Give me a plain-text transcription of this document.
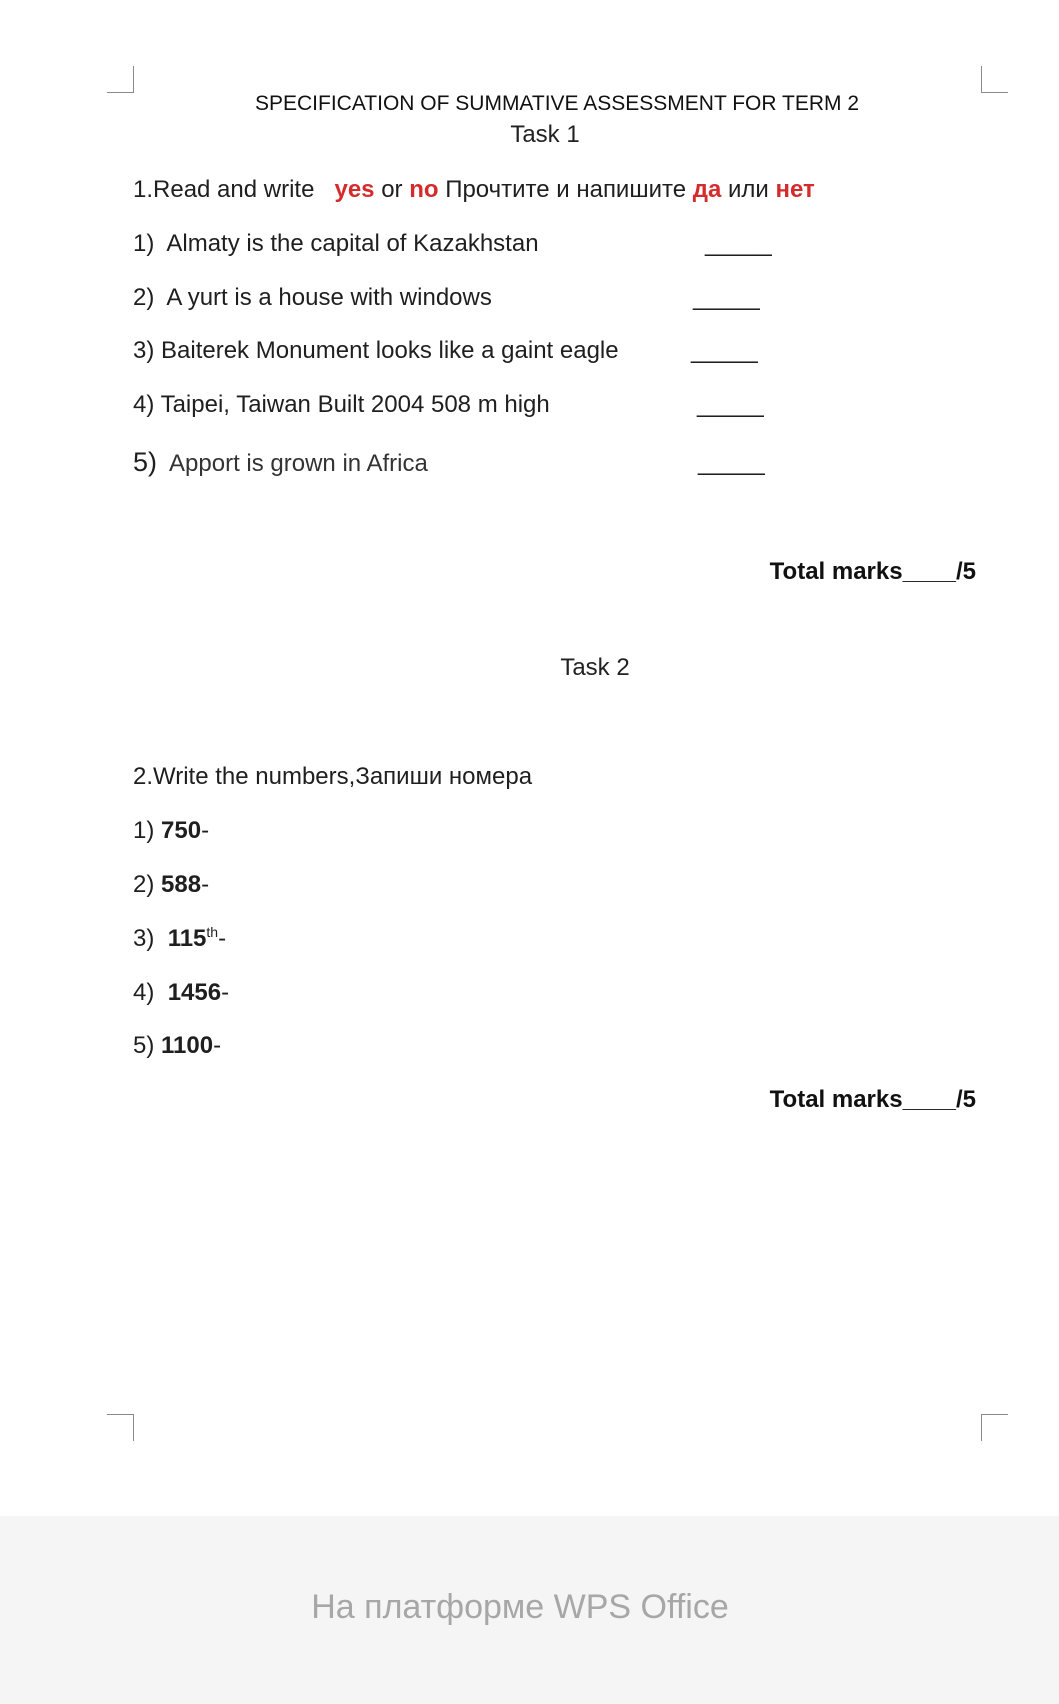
SPECIFICATION OF SUMMATIVE ASSESSMENT FOR TERM 2
Task 1
1.Read and write yes or no Прочтите и напишите да или нет
1) Almaty is the capital of Kazakhstan	_____
2) A yurt is a house with windows	_____
3) Baiterek Monument looks like a gaint eagle	_____
4) Taipei, Taiwan Built 2004 508 m high	_____
5) Apport is grown in Africa	_____
Total marks____/5
Task 2
2.Write the numbers,Запиши номера
1) 750-
2) 588-
3) 115th-
4) 1456-
5) 1100-
Total marks____/5
На платформе WPS Office
